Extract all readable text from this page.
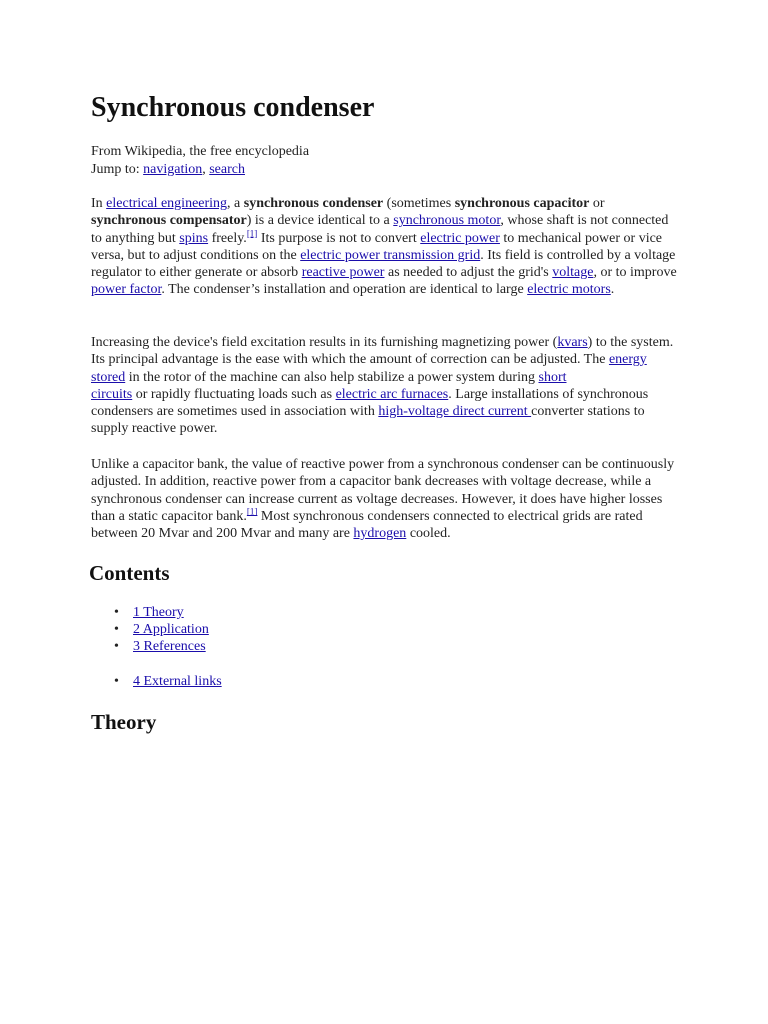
Synchronous condenser
From Wikipedia, the free encyclopedia
Jump to: navigation, search

In electrical engineering, a synchronous condenser (sometimes synchronous capacitor or synchronous compensator) is a device identical to a synchronous motor, whose shaft is not connected to anything but spins freely.[1] Its purpose is not to convert electric power to mechanical power or vice versa, but to adjust conditions on the electric power transmission grid. Its field is controlled by a voltage regulator to either generate or absorb reactive power as needed to adjust the grid's voltage, or to improve power factor. The condenser’s installation and operation are identical to large electric motors.

Increasing the device's field excitation results in its furnishing magnetizing power (kvars) to the system. Its principal advantage is the ease with which the amount of correction can be adjusted. The energy stored in the rotor of the machine can also help stabilize a power system during short
circuits or rapidly fluctuating loads such as electric arc furnaces. Large installations of synchronous condensers are sometimes used in association with high-voltage direct current converter stations to supply reactive power.

Unlike a capacitor bank, the value of reactive power from a synchronous condenser can be continuously adjusted. In addition, reactive power from a capacitor bank decreases with voltage decrease, while a synchronous condenser can increase current as voltage decreases. However, it does have higher losses than a static capacitor bank.[1] Most synchronous condensers connected to electrical grids are rated between 20 Mvar and 200 Mvar and many are hydrogen cooled.

Contents
• 1 Theory
• 2 Application
• 3 References
• 4 External links
Theory
